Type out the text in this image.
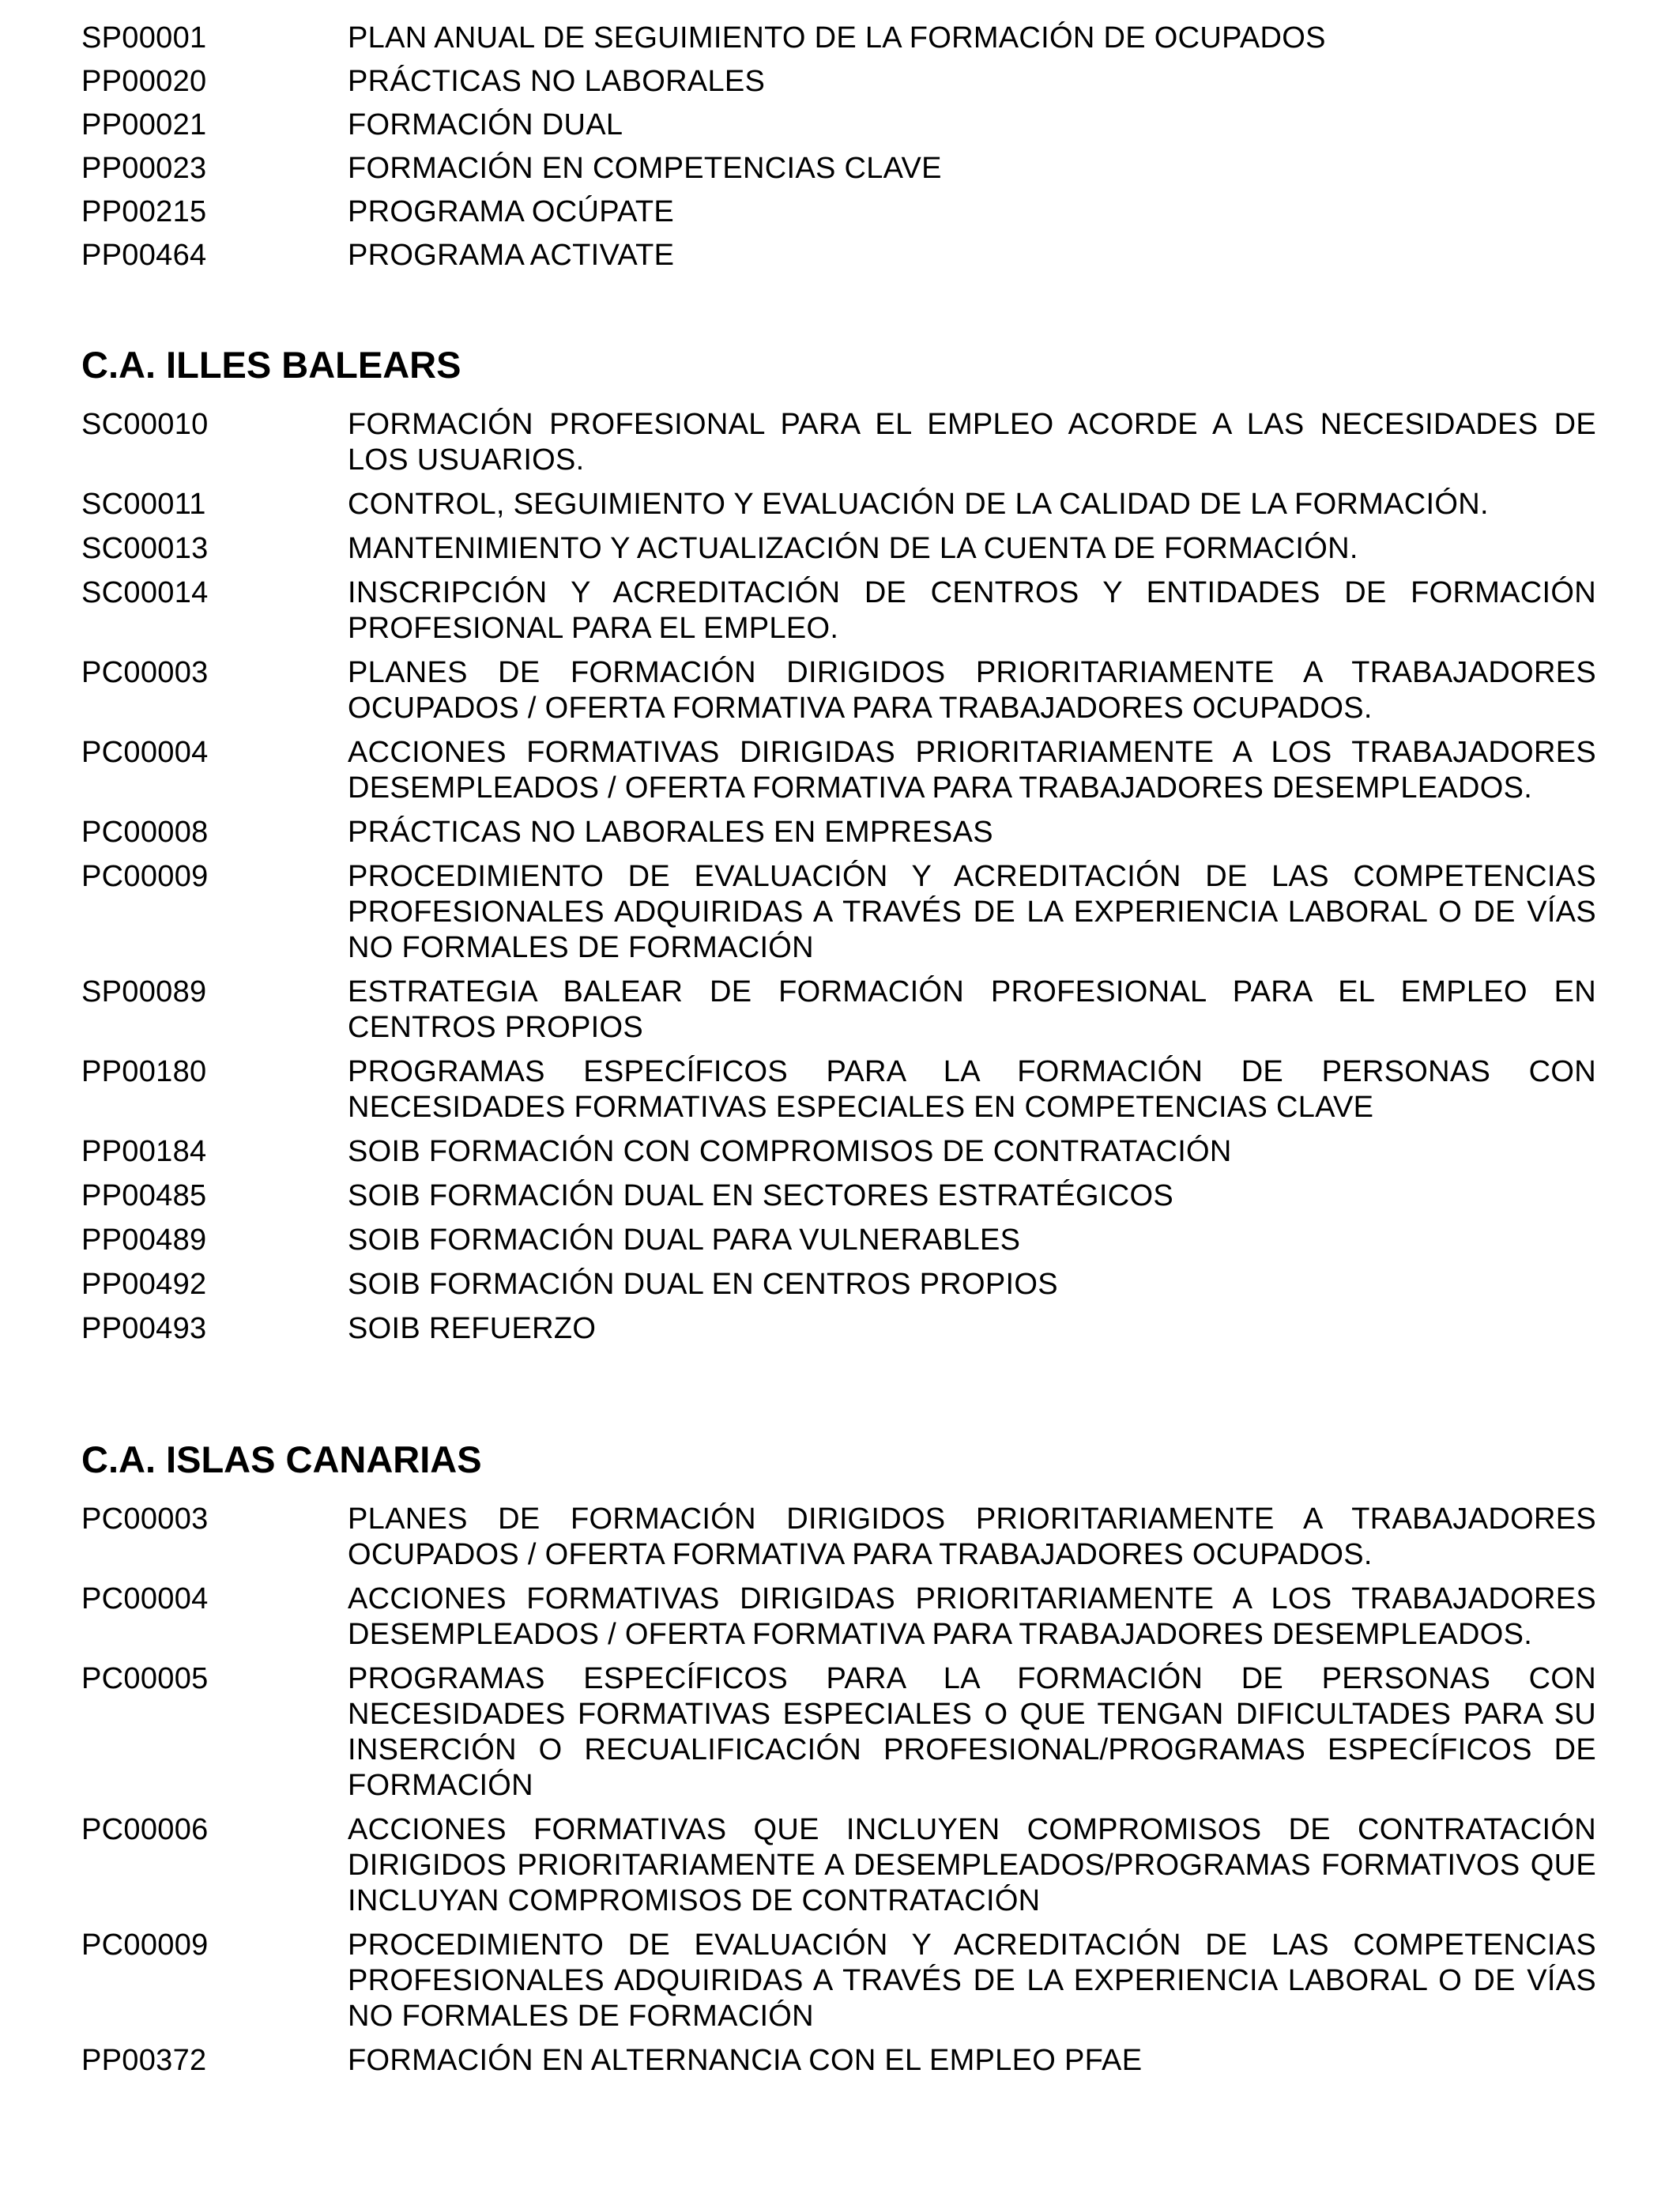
SP00001	PLAN ANUAL DE SEGUIMIENTO DE LA FORMACIÓN DE OCUPADOS
PP00020	PRÁCTICAS NO LABORALES
PP00021	FORMACIÓN DUAL
PP00023	FORMACIÓN EN COMPETENCIAS CLAVE
PP00215	PROGRAMA OCÚPATE
PP00464	PROGRAMA ACTIVATE
C.A. ILLES BALEARS
SC00010	FORMACIÓN PROFESIONAL PARA EL EMPLEO ACORDE A LAS NECESIDADES DE LOS USUARIOS.
SC00011	CONTROL, SEGUIMIENTO Y EVALUACIÓN DE LA CALIDAD DE LA FORMACIÓN.
SC00013	MANTENIMIENTO Y ACTUALIZACIÓN DE LA CUENTA DE FORMACIÓN.
SC00014	INSCRIPCIÓN Y ACREDITACIÓN DE CENTROS Y ENTIDADES DE FORMACIÓN PROFESIONAL PARA EL EMPLEO.
PC00003	PLANES DE FORMACIÓN DIRIGIDOS PRIORITARIAMENTE A TRABAJADORES OCUPADOS / OFERTA FORMATIVA PARA TRABAJADORES OCUPADOS.
PC00004	ACCIONES FORMATIVAS DIRIGIDAS PRIORITARIAMENTE A LOS TRABAJADORES DESEMPLEADOS / OFERTA FORMATIVA PARA TRABAJADORES DESEMPLEADOS.
PC00008	PRÁCTICAS NO LABORALES EN EMPRESAS
PC00009	PROCEDIMIENTO DE EVALUACIÓN Y ACREDITACIÓN DE LAS COMPETENCIAS PROFESIONALES ADQUIRIDAS A TRAVÉS DE LA EXPERIENCIA LABORAL O DE VÍAS NO FORMALES DE FORMACIÓN
SP00089	ESTRATEGIA BALEAR DE FORMACIÓN PROFESIONAL PARA EL EMPLEO EN CENTROS PROPIOS
PP00180	PROGRAMAS ESPECÍFICOS PARA LA FORMACIÓN DE PERSONAS CON NECESIDADES FORMATIVAS ESPECIALES EN COMPETENCIAS CLAVE
PP00184	SOIB FORMACIÓN CON COMPROMISOS DE CONTRATACIÓN
PP00485	SOIB FORMACIÓN DUAL EN SECTORES ESTRATÉGICOS
PP00489	SOIB FORMACIÓN DUAL PARA VULNERABLES
PP00492	SOIB FORMACIÓN DUAL EN CENTROS PROPIOS
PP00493	SOIB REFUERZO
C.A. ISLAS CANARIAS
PC00003	PLANES DE FORMACIÓN DIRIGIDOS PRIORITARIAMENTE A TRABAJADORES OCUPADOS / OFERTA FORMATIVA PARA TRABAJADORES OCUPADOS.
PC00004	ACCIONES FORMATIVAS DIRIGIDAS PRIORITARIAMENTE A LOS TRABAJADORES DESEMPLEADOS / OFERTA FORMATIVA PARA TRABAJADORES DESEMPLEADOS.
PC00005	PROGRAMAS ESPECÍFICOS PARA LA FORMACIÓN DE PERSONAS CON NECESIDADES FORMATIVAS ESPECIALES O QUE TENGAN DIFICULTADES PARA SU INSERCIÓN O RECUALIFICACIÓN PROFESIONAL/PROGRAMAS ESPECÍFICOS DE FORMACIÓN
PC00006	ACCIONES FORMATIVAS QUE INCLUYEN COMPROMISOS DE CONTRATACIÓN DIRIGIDOS PRIORITARIAMENTE A DESEMPLEADOS/PROGRAMAS FORMATIVOS QUE INCLUYAN COMPROMISOS DE CONTRATACIÓN
PC00009	PROCEDIMIENTO DE EVALUACIÓN Y ACREDITACIÓN DE LAS COMPETENCIAS PROFESIONALES ADQUIRIDAS A TRAVÉS DE LA EXPERIENCIA LABORAL O DE VÍAS NO FORMALES DE FORMACIÓN
PP00372	FORMACIÓN EN ALTERNANCIA CON EL EMPLEO PFAE
